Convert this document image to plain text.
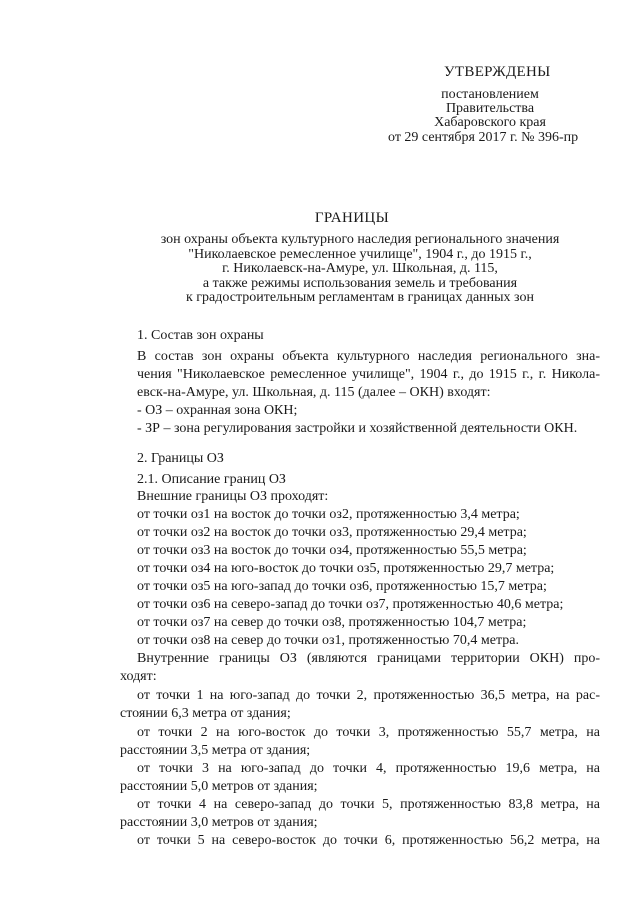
УТВЕРЖДЕНЫ
постановлением
Правительства
Хабаровского края
от 29 сентября 2017 г. № 396-пр
ГРАНИЦЫ
зон охраны объекта культурного наследия регионального значения
"Николаевское ремесленное училище", 1904 г., до 1915 г.,
г. Николаевск-на-Амуре, ул. Школьная, д. 115,
а также режимы использования земель и требования
к градостроительным регламентам в границах данных зон
1. Состав зон охраны
В состав зон охраны объекта культурного наследия регионального зна-
чения "Николаевское ремесленное училище", 1904 г., до 1915 г., г. Никола-
евск-на-Амуре, ул. Школьная, д. 115 (далее – ОКН) входят:
- ОЗ – охранная зона ОКН;
- ЗР – зона регулирования застройки и хозяйственной деятельности ОКН.
2. Границы ОЗ
2.1. Описание границ ОЗ
Внешние границы ОЗ проходят:
от точки оз1 на восток до точки оз2, протяженностью 3,4 метра;
от точки оз2 на восток до точки оз3, протяженностью 29,4 метра;
от точки оз3 на восток до точки оз4, протяженностью 55,5 метра;
от точки оз4 на юго-восток до точки оз5, протяженностью 29,7 метра;
от точки оз5 на юго-запад до точки оз6, протяженностью 15,7 метра;
от точки оз6 на северо-запад до точки оз7, протяженностью 40,6 метра;
от точки оз7 на север до точки оз8, протяженностью 104,7 метра;
от точки оз8 на север до точки оз1, протяженностью 70,4 метра.
Внутренние границы ОЗ (являются границами территории ОКН) про-
ходят:
от точки 1 на юго-запад до точки 2, протяженностью 36,5 метра, на рас-
стоянии 6,3 метра от здания;
от точки 2 на юго-восток до точки 3, протяженностью 55,7 метра, на
расстоянии 3,5 метра от здания;
от точки 3 на юго-запад до точки 4, протяженностью 19,6 метра, на
расстоянии 5,0 метров от здания;
от точки 4 на северо-запад до точки 5, протяженностью 83,8 метра, на
расстоянии 3,0 метров от здания;
от точки 5 на северо-восток до точки 6, протяженностью 56,2 метра, на
